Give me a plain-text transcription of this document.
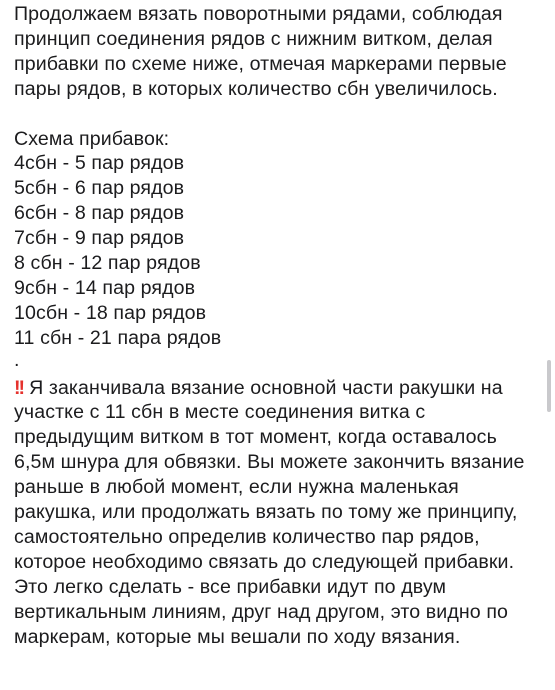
Продолжаем вязать поворотными рядами, соблюдая принцип соединения рядов с нижним витком, делая прибавки по схеме ниже, отмечая маркерами первые пары рядов, в которых количество сбн увеличилось.

Схема прибавок:
4сбн - 5 пар рядов
5сбн - 6 пар рядов
6сбн - 8 пар рядов
7сбн - 9 пар рядов
8 сбн - 12 пар рядов
9сбн - 14 пар рядов
10сбн - 18 пар рядов
11 сбн - 21 пара рядов
.

!! Я заканчивала вязание основной части ракушки на участке с 11 сбн в месте соединения витка с предыдущим витком в тот момент, когда оставалось 6,5м шнура для обвязки. Вы можете закончить вязание раньше в любой момент, если нужна маленькая ракушка, или продолжать вязать по тому же принципу, самостоятельно определив количество пар рядов, которое необходимо связать до следующей прибавки. Это легко сделать - все прибавки идут по двум вертикальным линиям, друг над другом, это видно по маркерам, которые мы вешали по ходу вязания.
